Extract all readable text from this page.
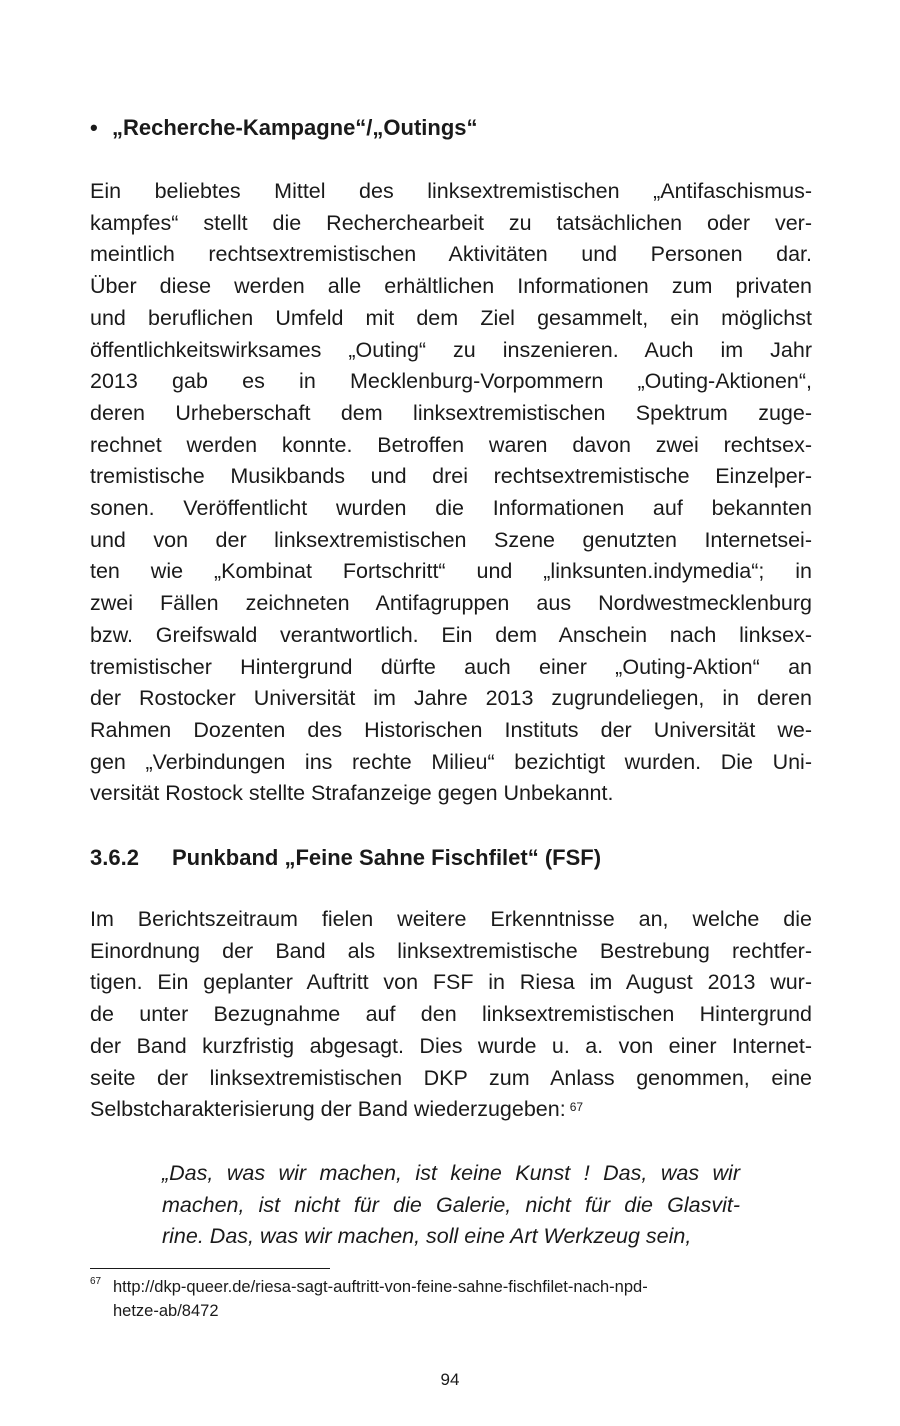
• „Recherche-Kampagne“/„Outings“
Ein beliebtes Mittel des linksextremistischen „Antifaschismus-
kampfes“ stellt die Recherchearbeit zu tatsächlichen oder ver-
meintlich rechtsextremistischen Aktivitäten und Personen dar.
Über diese werden alle erhältlichen Informationen zum privaten
und beruflichen Umfeld mit dem Ziel gesammelt, ein möglichst
öffentlichkeitswirksames „Outing“ zu inszenieren. Auch im Jahr
2013 gab es in Mecklenburg-Vorpommern „Outing-Aktionen“,
deren Urheberschaft dem linksextremistischen Spektrum zuge-
rechnet werden konnte. Betroffen waren davon zwei rechtsex-
tremistische Musikbands und drei rechtsextremistische Einzelper-
sonen. Veröffentlicht wurden die Informationen auf bekannten
und von der linksextremistischen Szene genutzten Internetsei-
ten wie „Kombinat Fortschritt“ und „linksunten.indymedia“; in
zwei Fällen zeichneten Antifagruppen aus Nordwestmecklenburg
bzw. Greifswald verantwortlich. Ein dem Anschein nach linksex-
tremistischer Hintergrund dürfte auch einer „Outing-Aktion“ an
der Rostocker Universität im Jahre 2013 zugrundeliegen, in deren
Rahmen Dozenten des Historischen Instituts der Universität we-
gen „Verbindungen ins rechte Milieu“ bezichtigt wurden. Die Uni-
versität Rostock stellte Strafanzeige gegen Unbekannt.
3.6.2 Punkband „Feine Sahne Fischfilet“ (FSF)
Im Berichtszeitraum fielen weitere Erkenntnisse an, welche die
Einordnung der Band als linksextremistische Bestrebung rechtfer-
tigen. Ein geplanter Auftritt von FSF in Riesa im August 2013 wur-
de unter Bezugnahme auf den linksextremistischen Hintergrund
der Band kurzfristig abgesagt. Dies wurde u. a. von einer Internet-
seite der linksextremistischen DKP zum Anlass genommen, eine
Selbstcharakterisierung der Band wiederzugeben: $^{67}$
„Das, was wir machen, ist keine Kunst ! Das, was wir
machen, ist nicht für die Galerie, nicht für die Glasvit-
rine. Das, was wir machen, soll eine Art Werkzeug sein,
67 http://dkp-queer.de/riesa-sagt-auftritt-von-feine-sahne-fischfilet-nach-npd-
hetze-ab/8472
94
